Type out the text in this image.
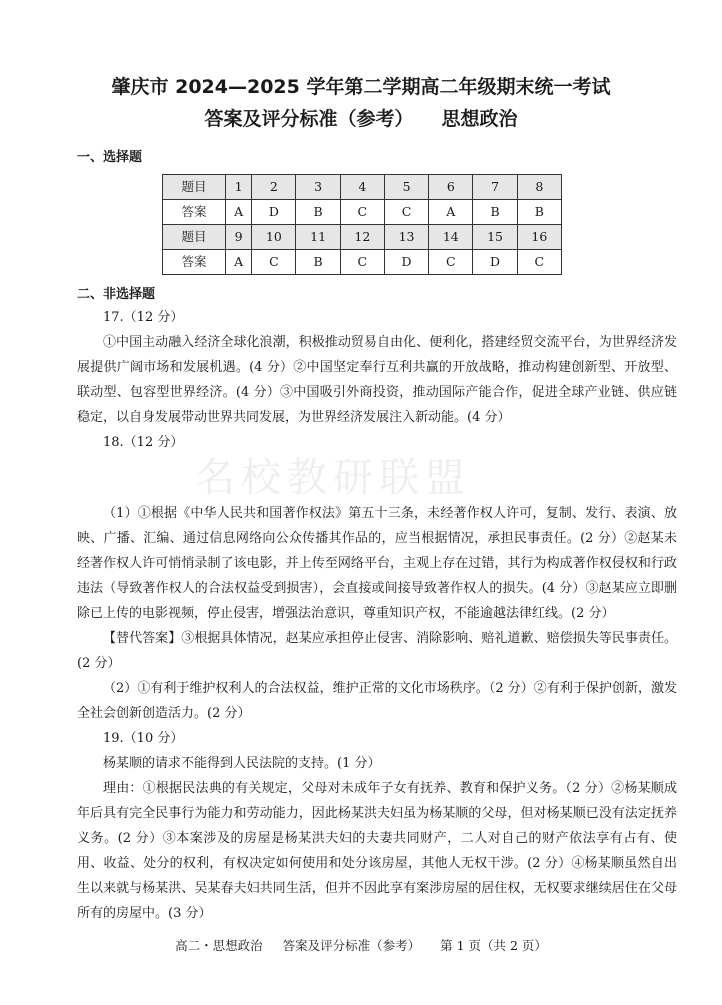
肇庆市 2024—2025 学年第二学期高二年级期末统一考试
答案及评分标准（参考） 思想政治
一、选择题
题目	1	2	3	4	5	6	7	8
答案	A	D	B	C	C	A	B	B
题目	9	10	11	12	13	14	15	16
答案	A	C	B	C	D	C	D	C
二、非选择题

17.（12 分）

①中国主动融入经济全球化浪潮，积极推动贸易自由化、便利化，搭建经贸交流平台，为世界经济发展提供广阔市场和发展机遇。(4 分）②中国坚定奉行互利共赢的开放战略，推动构建创新型、开放型、联动型、包容型世界经济。(4 分）③中国吸引外商投资，推动国际产能合作，促进全球产业链、供应链稳定，以自身发展带动世界共同发展，为世界经济发展注入新动能。(4 分）

18.（12 分）

（1）①根据《中华人民共和国著作权法》第五十三条，未经著作权人许可，复制、发行、表演、放映、广播、汇编、通过信息网络向公众传播其作品的，应当根据情况，承担民事责任。(2 分）②赵某未经著作权人许可悄悄录制了该电影，并上传至网络平台，主观上存在过错，其行为构成著作权侵权和行政违法（导致著作权人的合法权益受到损害），会直接或间接导致著作权人的损失。(4 分）③赵某应立即删除已上传的电影视频，停止侵害，增强法治意识，尊重知识产权，不能逾越法律红线。(2 分）

【替代答案】③根据具体情况，赵某应承担停止侵害、消除影响、赔礼道歉、赔偿损失等民事责任。(2 分）

（2）①有利于维护权利人的合法权益，维护正常的文化市场秩序。（2 分）②有利于保护创新，激发全社会创新创造活力。(2 分）

19.（10 分）

杨某顺的请求不能得到人民法院的支持。(1 分）

理由：①根据民法典的有关规定，父母对未成年子女有抚养、教育和保护义务。（2 分）②杨某顺成年后具有完全民事行为能力和劳动能力，因此杨某洪夫妇虽为杨某顺的父母，但对杨某顺已没有法定抚养义务。(2 分）③本案涉及的房屋是杨某洪夫妇的夫妻共同财产，二人对自己的财产依法享有占有、使用、收益、处分的权利，有权决定如何使用和处分该房屋，其他人无权干涉。(2 分）④杨某顺虽然自出生以来就与杨某洪、吴某春夫妇共同生活，但并不因此享有案涉房屋的居住权，无权要求继续居住在父母所有的房屋中。(3 分）

高二・思想政治 答案及评分标准（参考） 第 1 页（共 2 页）
名校教研联盟
